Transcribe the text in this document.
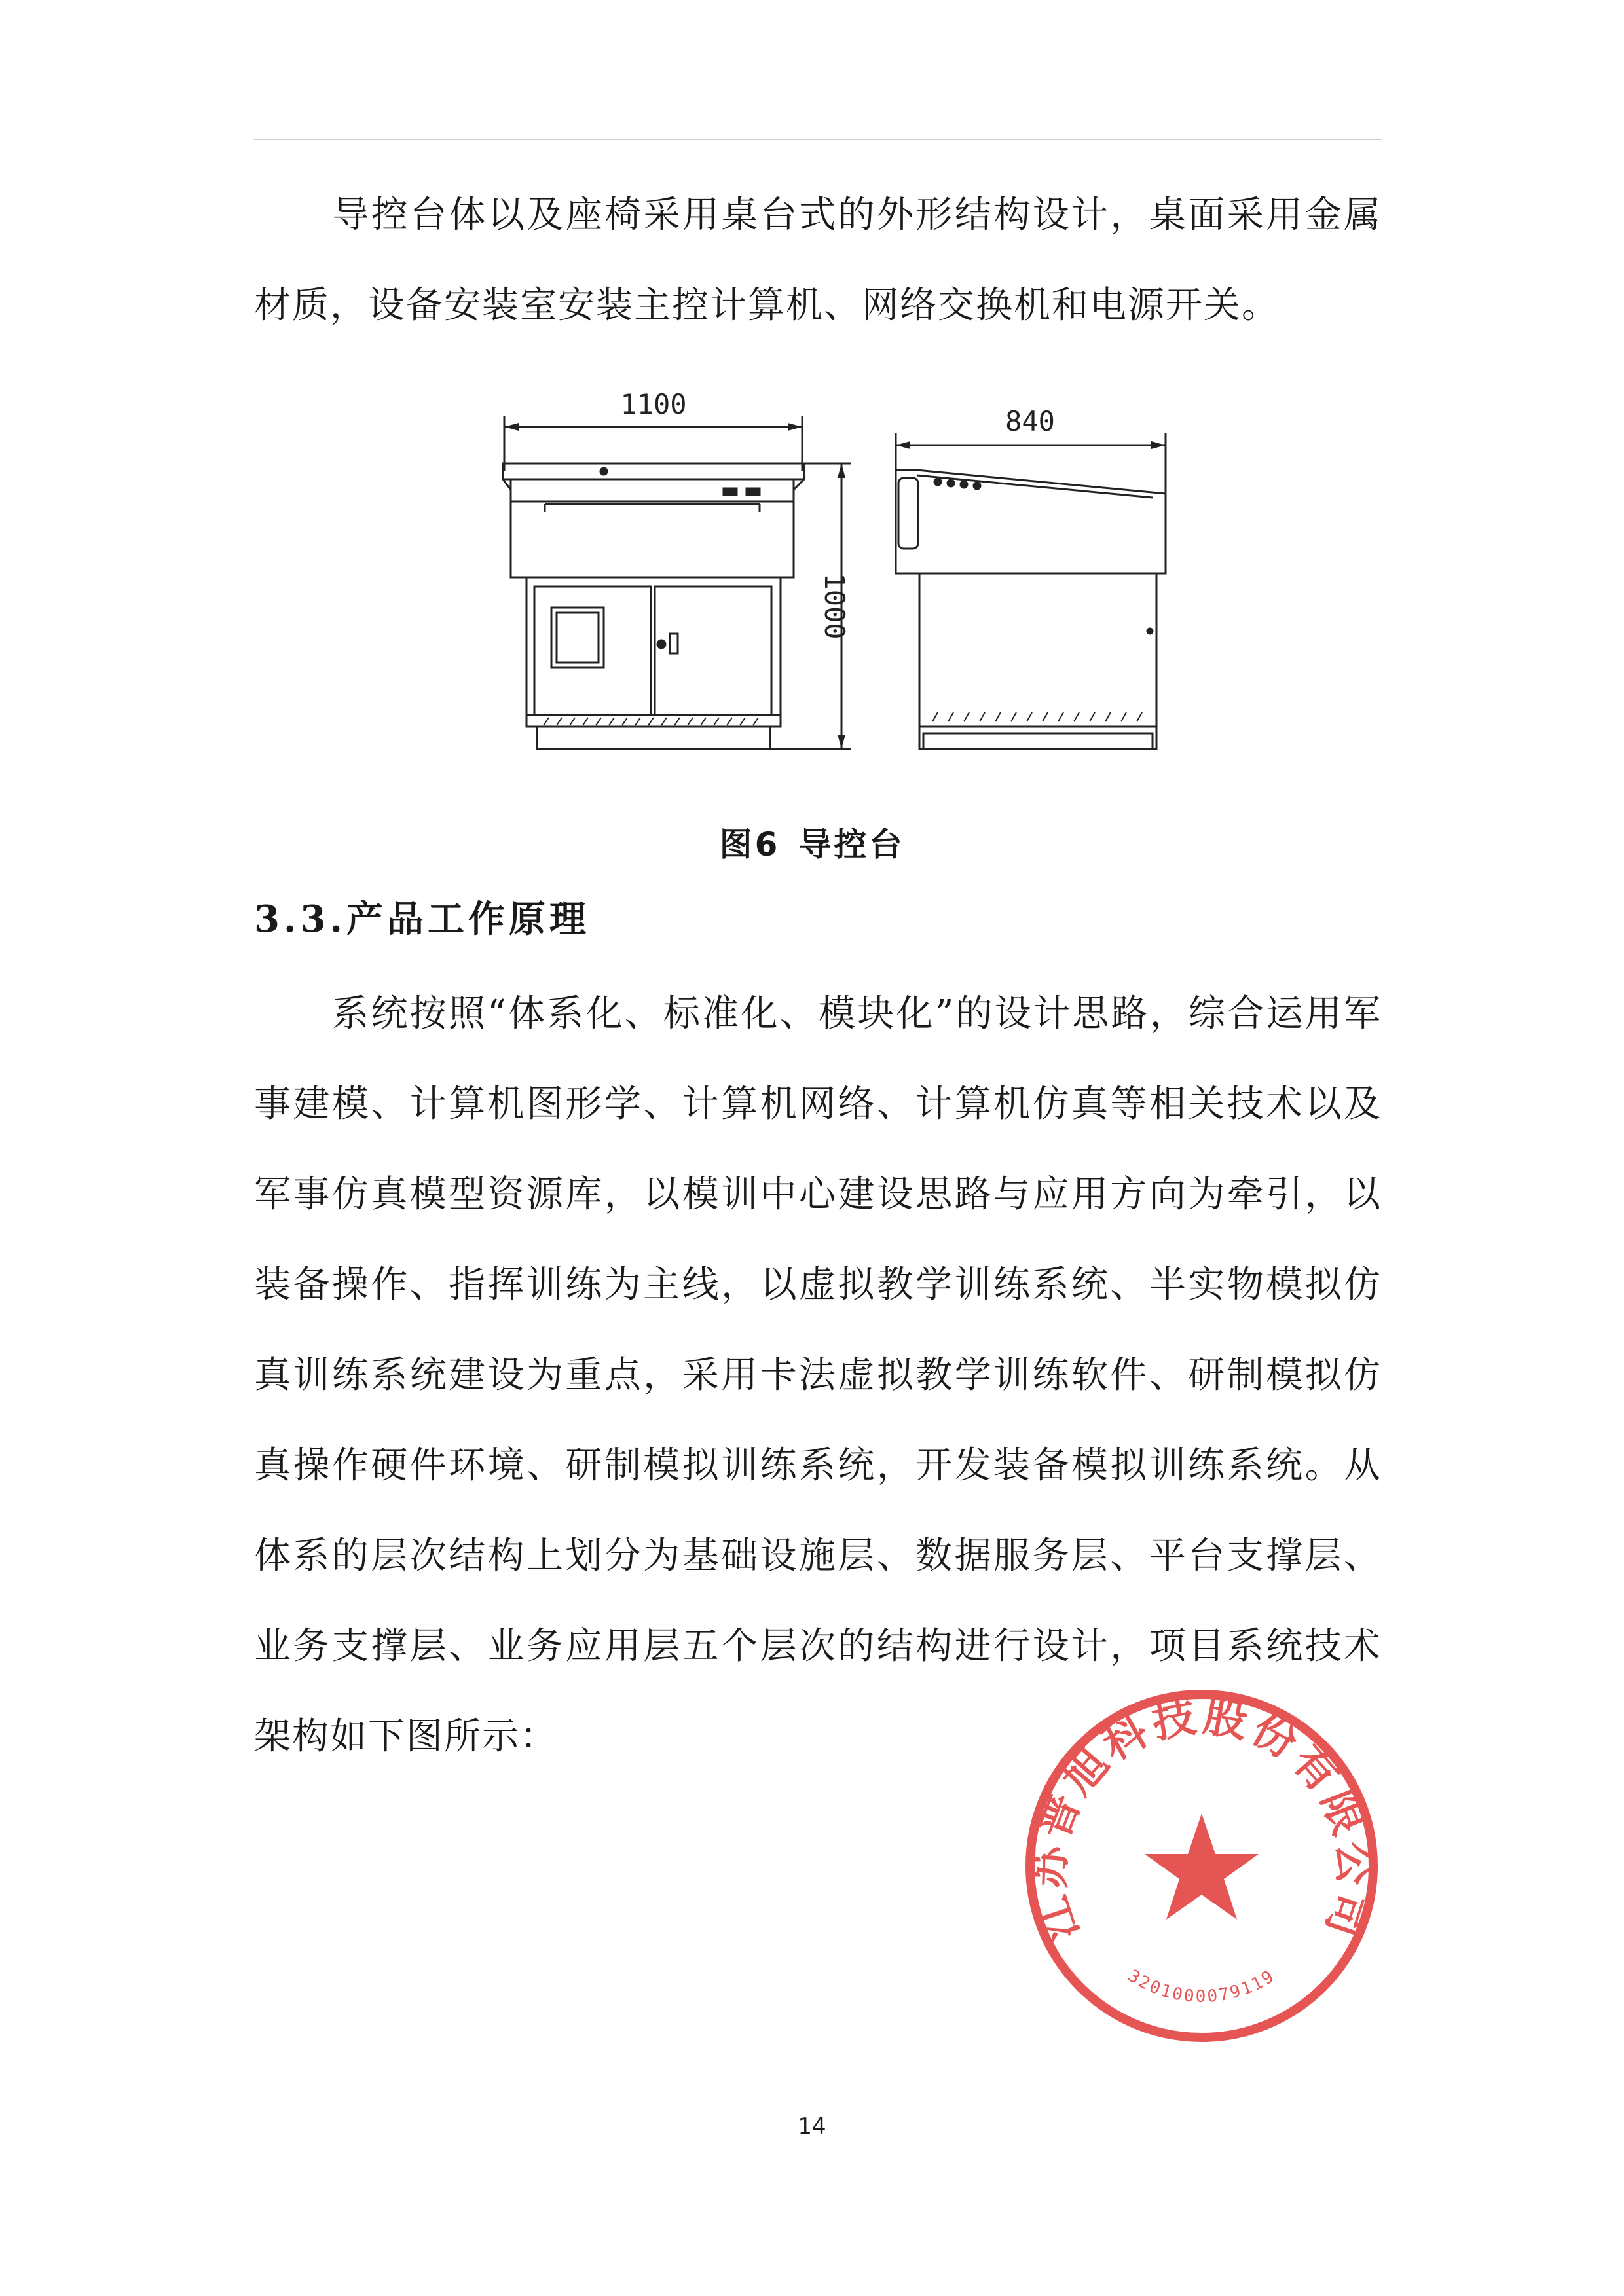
导控台体以及座椅采用桌台式的外形结构设计，桌面采用金属材质，设备安装室安装主控计算机、网络交换机和电源开关。

1100
1000
840
图6 导控台
3.3.产品工作原理

系统按照“体系化、标准化、模块化”的设计思路，综合运用军事建模、计算机图形学、计算机网络、计算机仿真等相关技术以及军事仿真模型资源库，以模训中心建设思路与应用方向为牵引，以装备操作、指挥训练为主线，以虚拟教学训练系统、半实物模拟仿真训练系统建设为重点，采用卡法虚拟教学训练软件、研制模拟仿真操作硬件环境、研制模拟训练系统，开发装备模拟训练系统。从体系的层次结构上划分为基础设施层、数据服务层、平台支撑层、业务支撑层、业务应用层五个层次的结构进行设计，项目系统技术架构如下图所示：

江苏普旭科技股份有限公司
3201000079119
14
